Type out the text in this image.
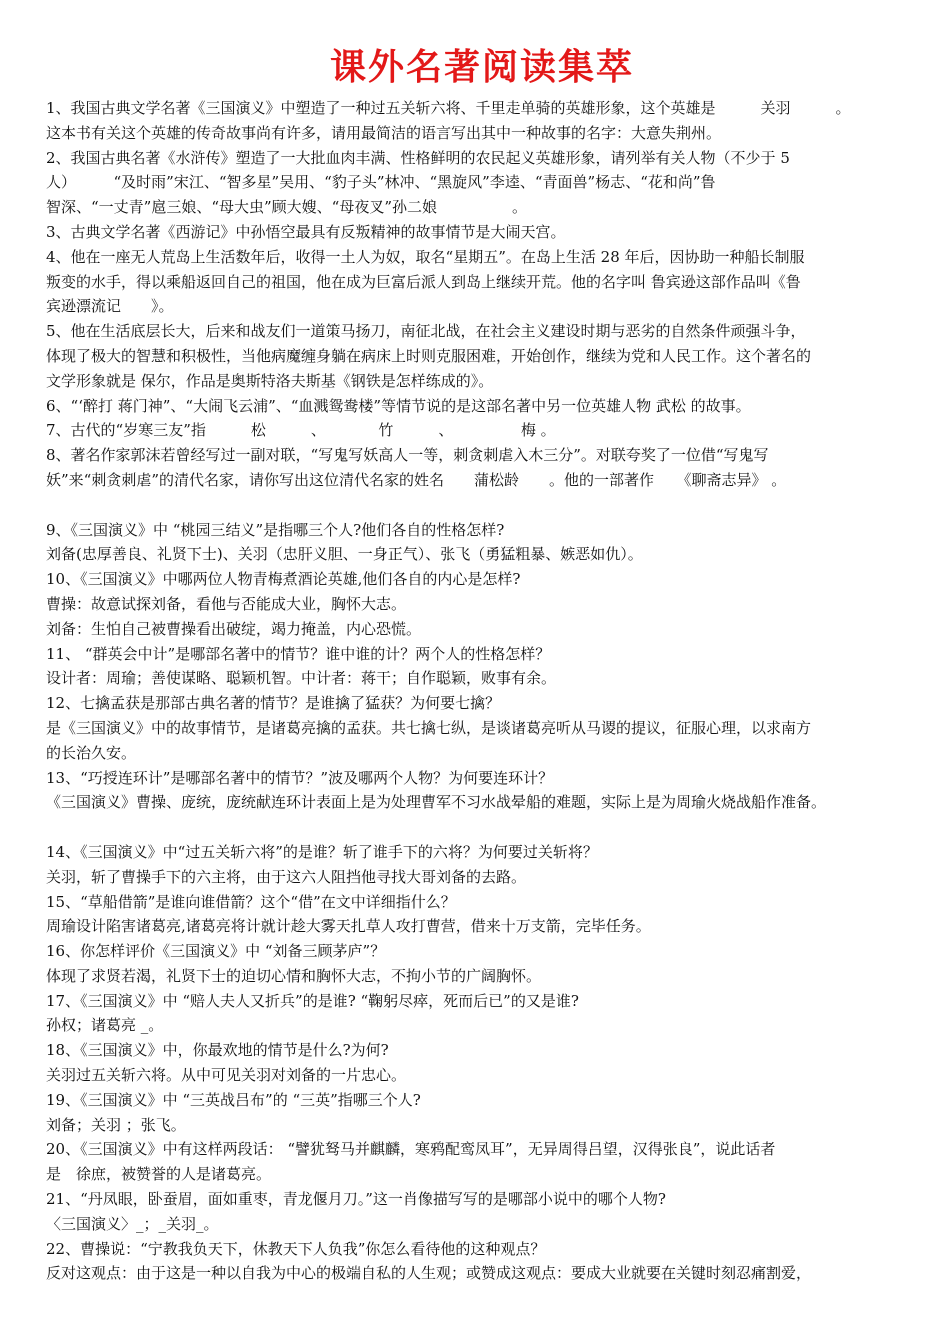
课外名著阅读集萃
1、我国古典文学名著《三国演义》中塑造了一种过五关斩六将、千里走单骑的英雄形象，这个英雄是　　　关羽　　　。
这本书有关这个英雄的传奇故事尚有许多，请用最简洁的语言写出其中一种故事的名字：大意失荆州。
2、我国古典名著《水浒传》塑造了一大批血肉丰满、性格鲜明的农民起义英雄形象，请列举有关人物（不少于 5
人）　　　“及时雨”宋江、“智多星”吴用、“豹子头”林冲、“黑旋风”李逵、“青面兽”杨志、“花和尚”鲁
智深、“一丈青”扈三娘、“母大虫”顾大嫂、“母夜叉”孙二娘　　　　　。
3、古典文学名著《西游记》中孙悟空最具有反叛精神的故事情节是大闹天宫。
4、他在一座无人荒岛上生活数年后，收得一土人为奴，取名“星期五”。在岛上生活 28 年后，因协助一种船长制服
叛变的水手，得以乘船返回自己的祖国，他在成为巨富后派人到岛上继续开荒。他的名字叫 鲁宾逊这部作品叫《鲁
宾逊漂流记　　》。
5、他在生活底层长大，后来和战友们一道策马扬刀，南征北战，在社会主义建设时期与恶劣的自然条件顽强斗争，
体现了极大的智慧和积极性，当他病魔缠身躺在病床上时则克服困难，开始创作，继续为党和人民工作。这个著名的
文学形象就是 保尔，作品是奥斯特洛夫斯基《钢铁是怎样练成的》。
6、“‘醉打 蒋门神”、“大闹飞云浦”、“血溅鸳鸯楼”等情节说的是这部名著中另一位英雄人物 武松 的故事。
7、古代的“岁寒三友”指　　　松　　　、　　　　竹　　　、　　　　　梅 。
8、著名作家郭沫若曾经写过一副对联，“写鬼写妖高人一等，刺贪刺虐入木三分”。对联夸奖了一位借“写鬼写
妖”来“刺贪刺虐”的清代名家，请你写出这位清代名家的姓名　　蒲松龄　　。他的一部著作　　《聊斋志异》 。
9、《三国演义》中 “桃园三结义”是指哪三个人?他们各自的性格怎样?
刘备(忠厚善良、礼贤下士)、关羽（忠肝义胆、一身正气）、张飞（勇猛粗暴、嫉恶如仇）。
10、《三国演义》中哪两位人物青梅煮酒论英雄,他们各自的内心是怎样?
曹操：故意试探刘备，看他与否能成大业，胸怀大志。
刘备：生怕自己被曹操看出破绽，竭力掩盖，内心恐慌。
11、 “群英会中计”是哪部名著中的情节？谁中谁的计？两个人的性格怎样？
设计者：周瑜；善使谋略、聪颖机智。中计者：蒋干；自作聪颖，败事有余。
12、七擒孟获是那部古典名著的情节？是谁擒了猛获？为何要七擒？
是《三国演义》中的故事情节，是诸葛亮擒的孟获。共七擒七纵，是谈诸葛亮听从马谡的提议，征服心理，以求南方
的长治久安。
13、“巧授连环计”是哪部名著中的情节？”波及哪两个人物？为何要连环计？
《三国演义》曹操、庞统，庞统献连环计表面上是为处理曹军不习水战晕船的难题，实际上是为周瑜火烧战船作准备。
14、《三国演义》中“过五关斩六将”的是谁？斩了谁手下的六将？为何要过关斩将？
关羽，斩了曹操手下的六主将，由于这六人阻挡他寻找大哥刘备的去路。
15、“草船借箭”是谁向谁借箭？这个“借”在文中详细指什么？
周瑜设计陷害诸葛亮,诸葛亮将计就计趁大雾天扎草人攻打曹营，借来十万支箭，完毕任务。
16、你怎样评价《三国演义》中 “刘备三顾茅庐”？
体现了求贤若渴，礼贤下士的迫切心情和胸怀大志，不拘小节的广阔胸怀。
17、《三国演义》中 “赔人夫人又折兵”的是谁? “鞠躬尽瘁，死而后已”的又是谁?
孙权；诸葛亮 _。
18、《三国演义》中，你最欢地的情节是什么?为何?
关羽过五关斩六将。从中可见关羽对刘备的一片忠心。
19、《三国演义》中 “三英战吕布”的 “三英”指哪三个人?
刘备；关羽 ；张飞。
20、《三国演义》中有这样两段话： “譬犹驽马并麒麟，寒鸦配鸾凤耳”，无异周得吕望，汉得张良”，说此话者
是　徐庶，被赞誉的人是诸葛亮。
21、“丹凤眼，卧蚕眉，面如重枣，青龙偃月刀。”这一肖像描写写的是哪部小说中的哪个人物?
〈三国演义〉_；_关羽_。
22、曹操说：“宁教我负天下，休教天下人负我”你怎么看待他的这种观点？
反对这观点：由于这是一种以自我为中心的极端自私的人生观；或赞成这观点：要成大业就要在关键时刻忍痛割爱，
